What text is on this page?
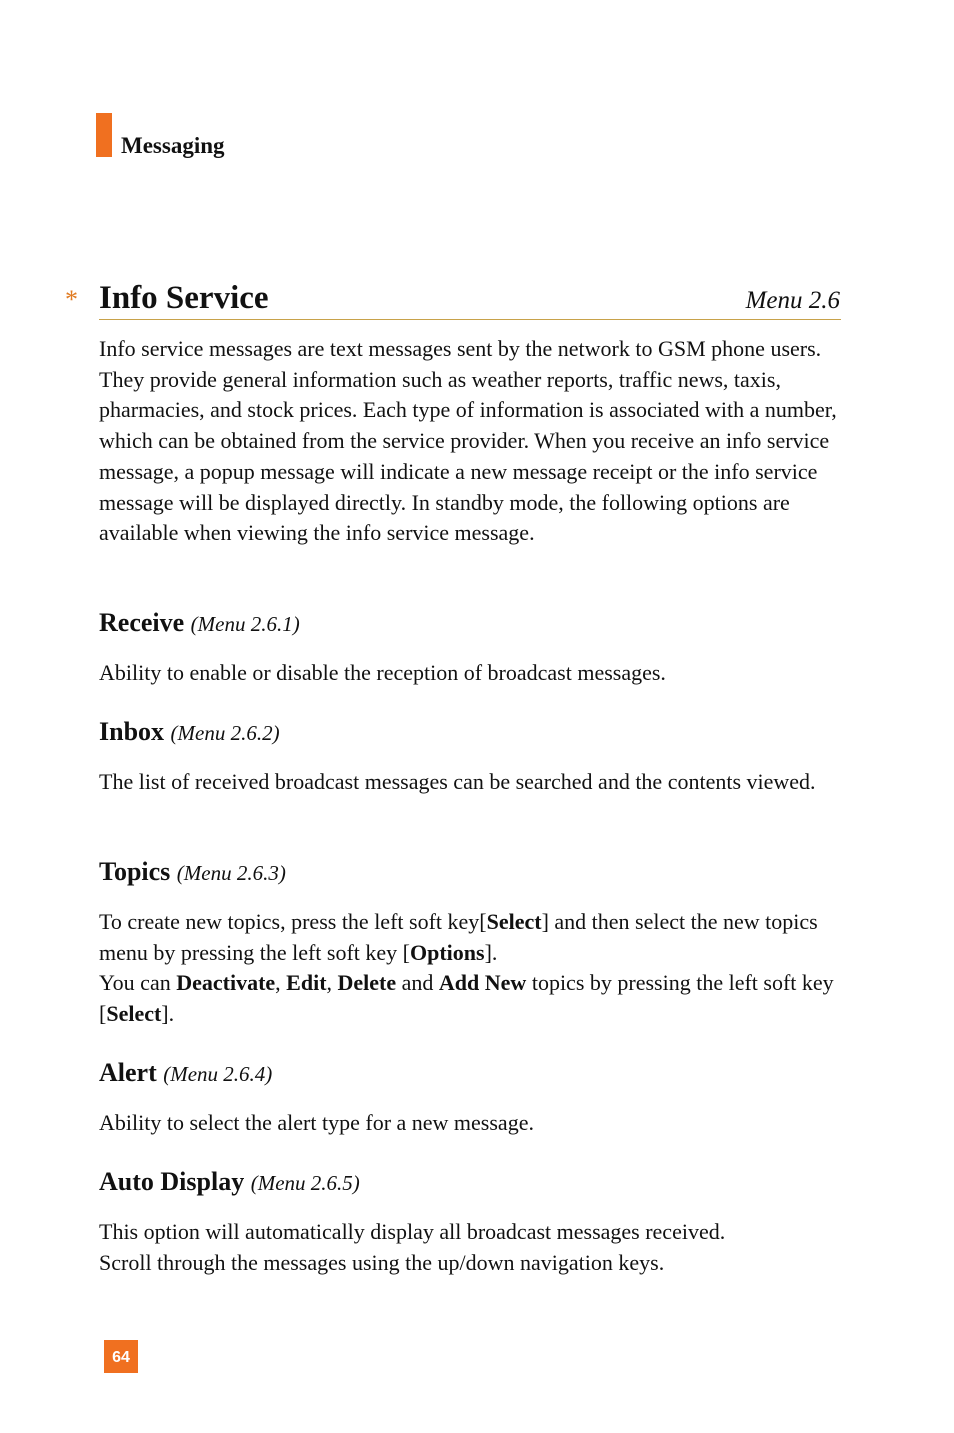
Messaging
* Info Service	Menu 2.6
Info service messages are text messages sent by the network to GSM phone users. They provide general information such as weather reports, traffic news, taxis, pharmacies, and stock prices. Each type of information is associated with a number, which can be obtained from the service provider. When you receive an info service message, a popup message will indicate a new message receipt or the info service message will be displayed directly. In standby mode, the following options are available when viewing the info service message.
Receive (Menu 2.6.1)
Ability to enable or disable the reception of broadcast messages.
Inbox (Menu 2.6.2)
The list of received broadcast messages can be searched and the contents viewed.
Topics (Menu 2.6.3)
To create new topics, press the left soft key[Select] and then select the new topics menu by pressing the left soft key [Options].
You can Deactivate, Edit, Delete and Add New topics by pressing the left soft key [Select].
Alert (Menu 2.6.4)
Ability to select the alert type for a new message.
Auto Display (Menu 2.6.5)
This option will automatically display all broadcast messages received.
Scroll through the messages using the up/down navigation keys.
64
